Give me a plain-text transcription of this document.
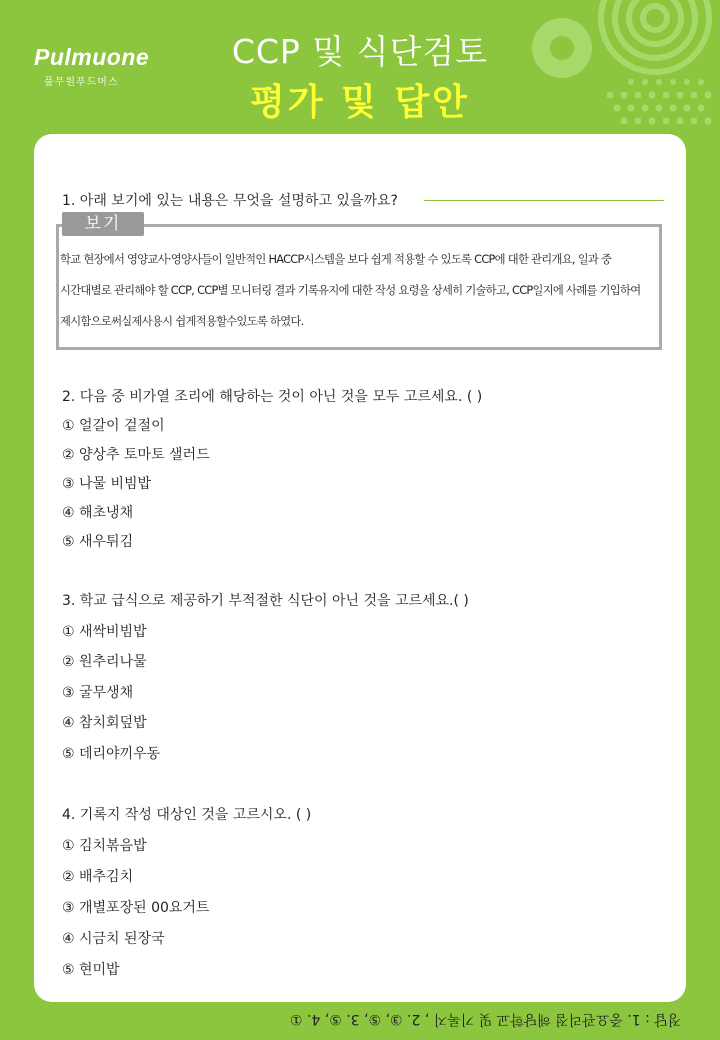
Pulmuone
풀무원푸드머스
CCP 및 식단검토
평가 및 답안
1. 아래 보기에 있는 내용은 무엇을 설명하고 있을까요?
보기
학교 현장에서 영양교사·영양사들이 일반적인 HACCP시스템을 보다 쉽게 적용할 수 있도록 CCP에 대한 관리개요, 일과 중
시간대별로 관리해야 할 CCP, CCP별 모니터링 결과 기록유지에 대한 작성 요령을 상세히 기술하고, CCP일지에 사례를 기입하여
제시함으로써실제사용시 쉽게적용할수있도록 하였다.
2. 다음 중 비가열 조리에 해당하는 것이 아닌 것을 모두 고르세요. ( )
① 얼갈이 겉절이
② 양상추 토마토 샐러드
③ 나물 비빔밥
④ 해초냉채
⑤ 새우튀김
3. 학교 급식으로 제공하기 부적절한 식단이 아닌 것을 고르세요.( )
① 새싹비빔밥
② 원추리나물
③ 굴무생채
④ 참치회덮밥
⑤ 데리야끼우동
4. 기록지 작성 대상인 것을 고르시오. ( )
① 김치볶음밥
② 배추김치
③ 개별포장된 00요거트
④ 시금치 된장국
⑤ 현미밥
정답 : 1. 중요관리점 해당학교 및 기록지 , 2. ③, ⑤, 3. ⑤, 4. ①
